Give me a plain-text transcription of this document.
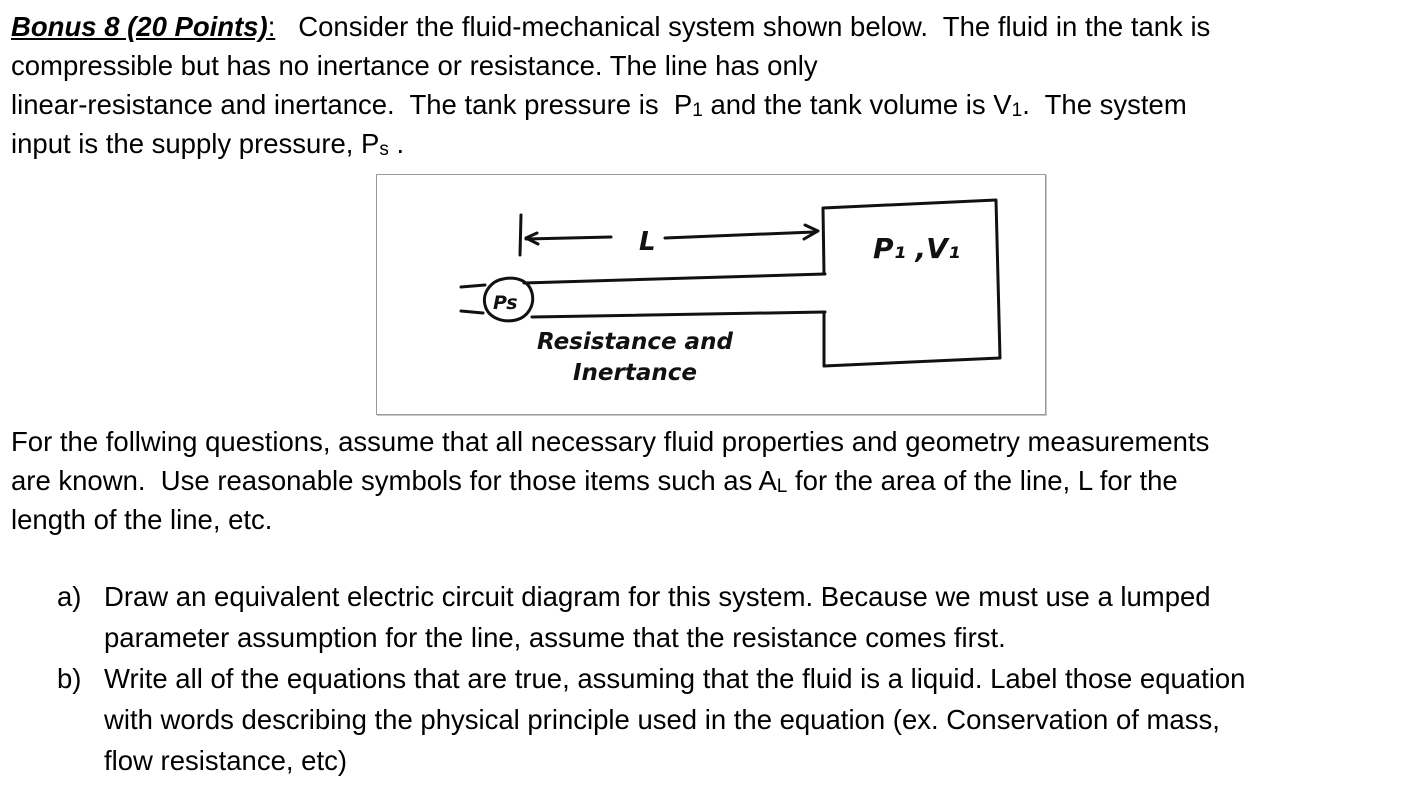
Bonus 8 (20 Points):   Consider the fluid-mechanical system shown below.  The fluid in the tank is
compressible but has no inertance or resistance. The line has only
linear-resistance and inertance.  The tank pressure is  $P_1$ and the tank volume is $V_1$.  The system
input is the supply pressure, $P_s$ .
L
Ps
P₁ ,V₁
Resistance and
Inertance
For the follwing questions, assume that all necessary fluid properties and geometry measurements
are known.  Use reasonable symbols for those items such as $A_L$ for the area of the line, L for the
length of the line, etc.
a) Draw an equivalent electric circuit diagram for this system. Because we must use a lumped
parameter assumption for the line, assume that the resistance comes first.
b) Write all of the equations that are true, assuming that the fluid is a liquid. Label those equation
with words describing the physical principle used in the equation (ex. Conservation of mass,
flow resistance, etc)
